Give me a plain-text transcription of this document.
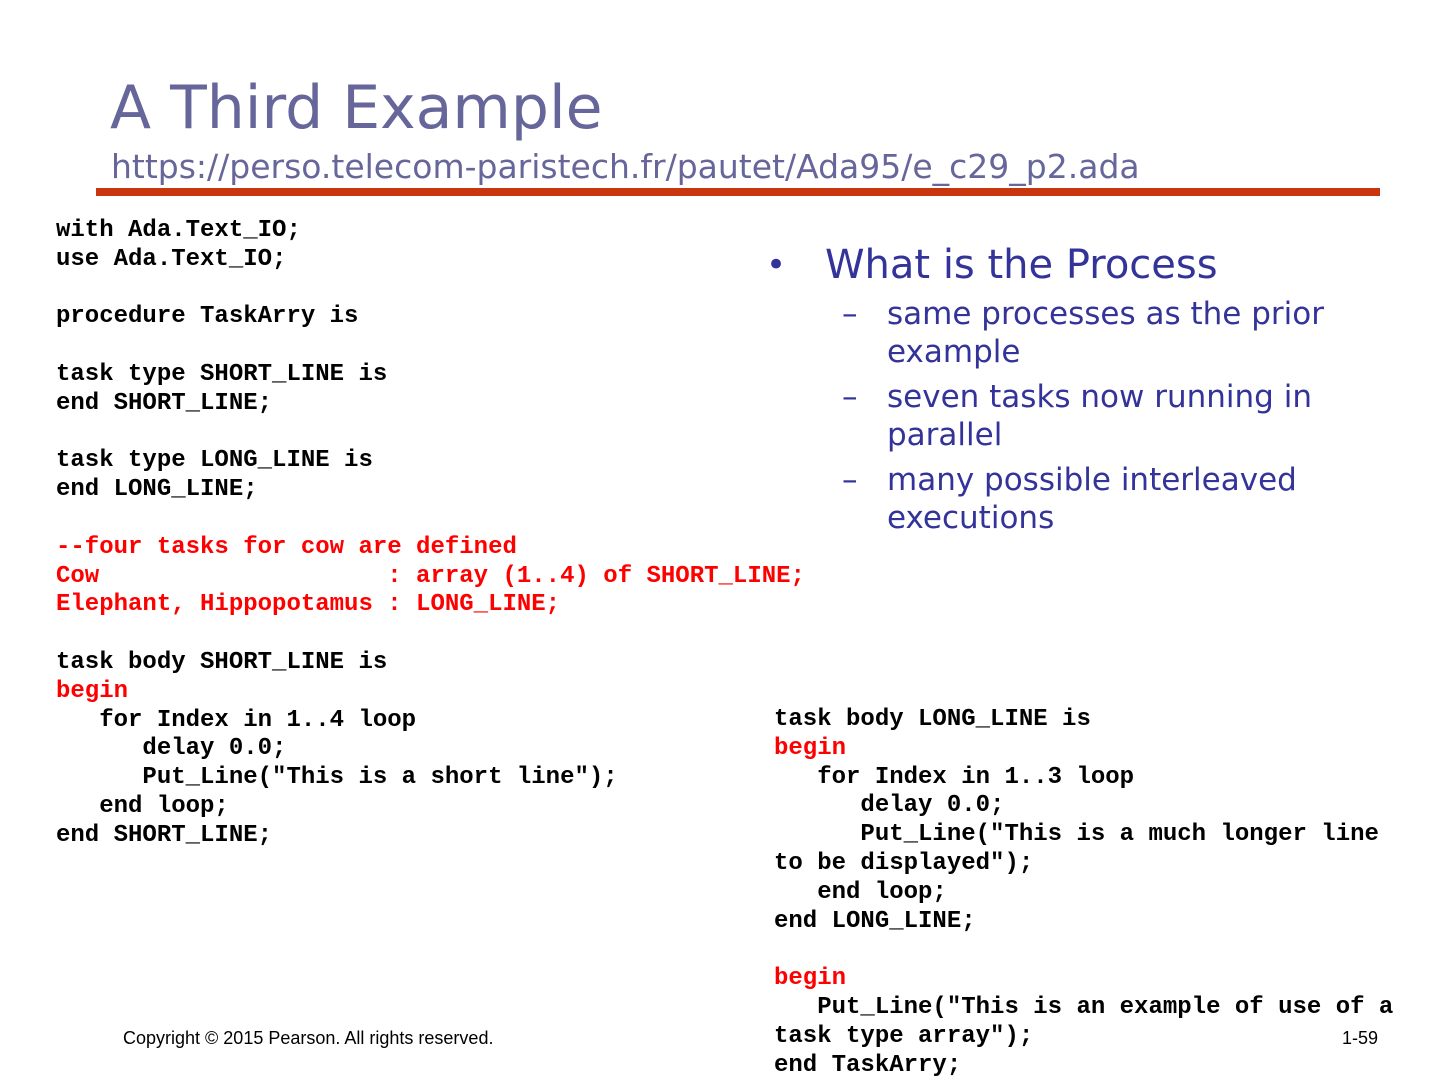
A Third Example
https://perso.telecom-paristech.fr/pautet/Ada95/e_c29_p2.ada
with Ada.Text_IO;
use Ada.Text_IO;
procedure TaskArry is
task type SHORT_LINE is
end SHORT_LINE;
task type LONG_LINE is
end LONG_LINE;
--four tasks for cow are defined
Cow                    : array (1..4) of SHORT_LINE;
Elephant, Hippopotamus : LONG_LINE;
task body SHORT_LINE is
begin
for Index in 1..4 loop
delay 0.0;
Put_Line("This is a short line");
end loop;
end SHORT_LINE;
task body LONG_LINE is
begin
for Index in 1..3 loop
delay 0.0;
Put_Line("This is a much longer line
to be displayed");
end loop;
end LONG_LINE;
begin
Put_Line("This is an example of use of a
task type array");
end TaskArry;
• What is the Process
– same processes as the prior example
– seven tasks now running in parallel
– many possible interleaved executions
Copyright © 2015 Pearson. All rights reserved.	1-59
